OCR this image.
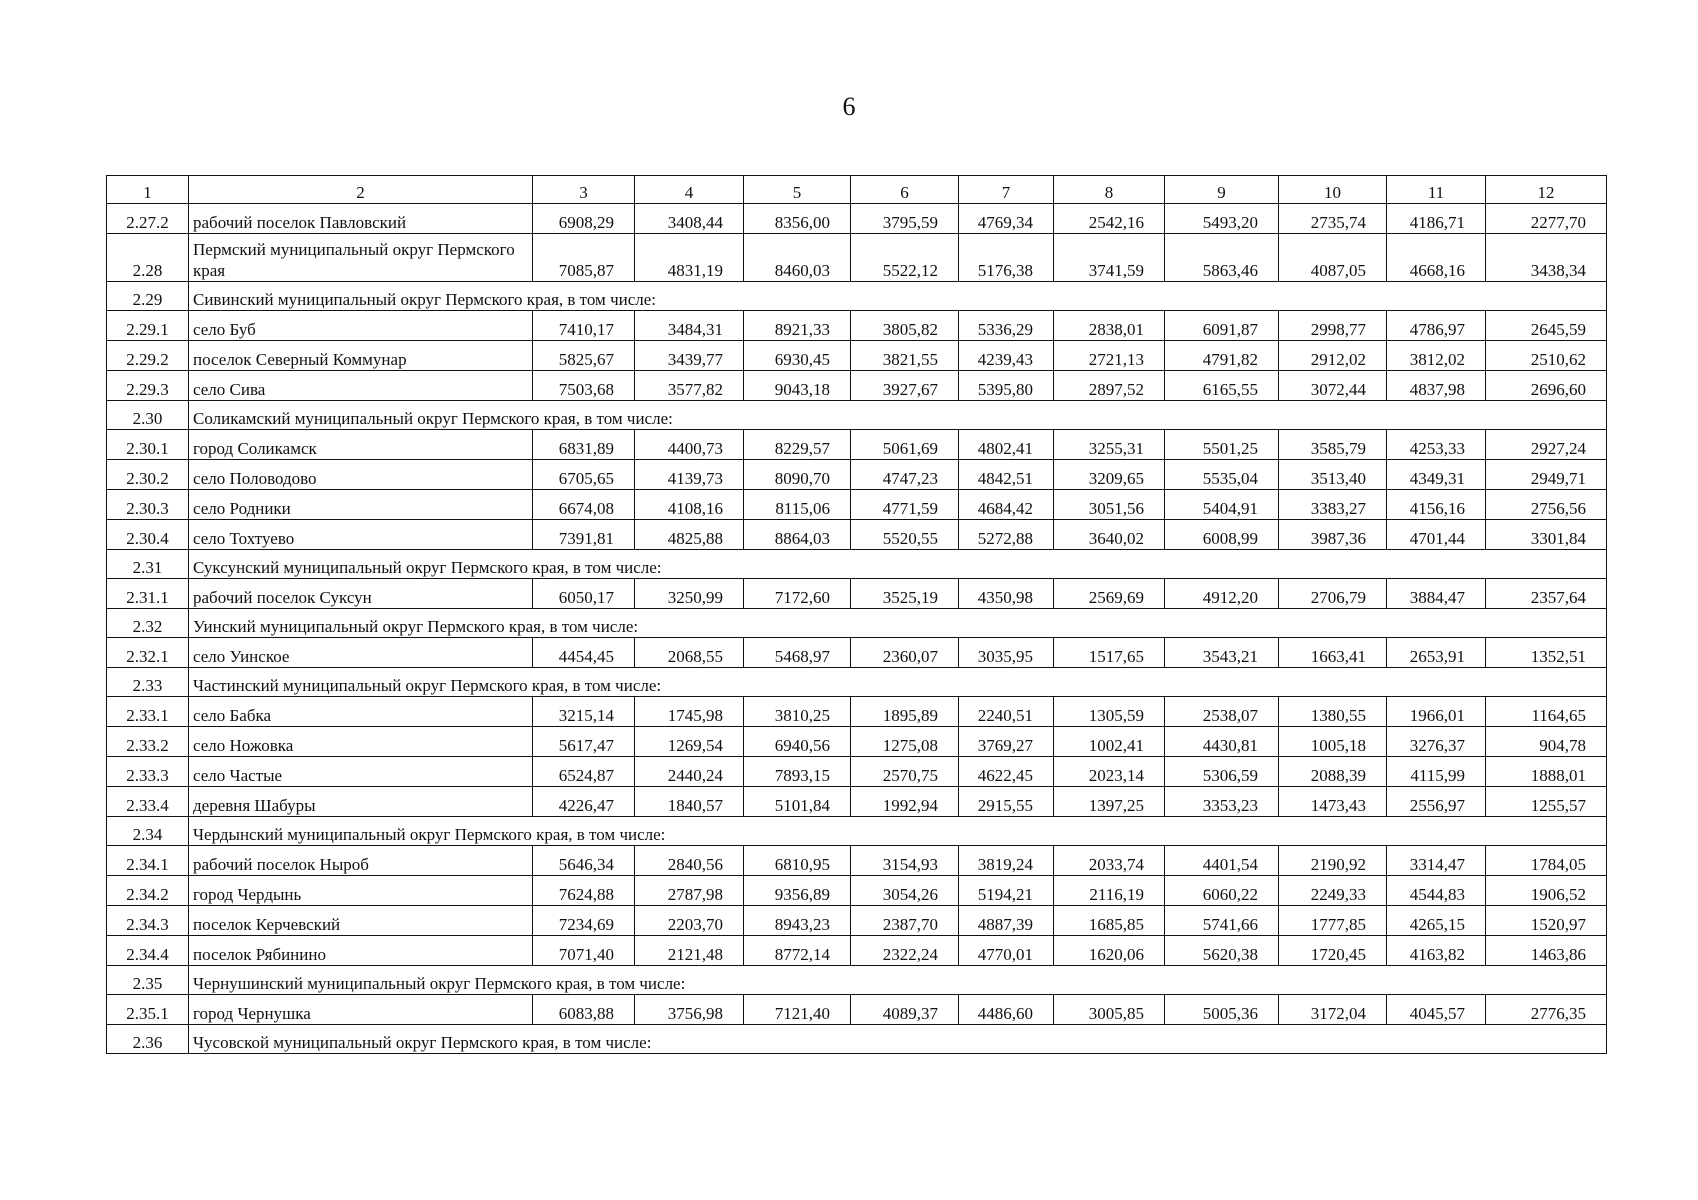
6
1	2	3	4	5	6	7	8	9	10	11	12
2.27.2	рабочий поселок Павловский	6908,29	3408,44	8356,00	3795,59	4769,34	2542,16	5493,20	2735,74	4186,71	2277,70
2.28	Пермский муниципальный округ Пермского края	7085,87	4831,19	8460,03	5522,12	5176,38	3741,59	5863,46	4087,05	4668,16	3438,34
2.29	Сивинский муниципальный округ Пермского края, в том числе:										
2.29.1	село Буб	7410,17	3484,31	8921,33	3805,82	5336,29	2838,01	6091,87	2998,77	4786,97	2645,59
2.29.2	поселок Северный Коммунар	5825,67	3439,77	6930,45	3821,55	4239,43	2721,13	4791,82	2912,02	3812,02	2510,62
2.29.3	село Сива	7503,68	3577,82	9043,18	3927,67	5395,80	2897,52	6165,55	3072,44	4837,98	2696,60
2.30	Соликамский муниципальный округ Пермского края, в том числе:										
2.30.1	город Соликамск	6831,89	4400,73	8229,57	5061,69	4802,41	3255,31	5501,25	3585,79	4253,33	2927,24
2.30.2	село Половодово	6705,65	4139,73	8090,70	4747,23	4842,51	3209,65	5535,04	3513,40	4349,31	2949,71
2.30.3	село Родники	6674,08	4108,16	8115,06	4771,59	4684,42	3051,56	5404,91	3383,27	4156,16	2756,56
2.30.4	село Тохтуево	7391,81	4825,88	8864,03	5520,55	5272,88	3640,02	6008,99	3987,36	4701,44	3301,84
2.31	Суксунский муниципальный округ Пермского края, в том числе:										
2.31.1	рабочий поселок Суксун	6050,17	3250,99	7172,60	3525,19	4350,98	2569,69	4912,20	2706,79	3884,47	2357,64
2.32	Уинский муниципальный округ Пермского края, в том числе:										
2.32.1	село Уинское	4454,45	2068,55	5468,97	2360,07	3035,95	1517,65	3543,21	1663,41	2653,91	1352,51
2.33	Частинский муниципальный округ Пермского края, в том числе:										
2.33.1	село Бабка	3215,14	1745,98	3810,25	1895,89	2240,51	1305,59	2538,07	1380,55	1966,01	1164,65
2.33.2	село Ножовка	5617,47	1269,54	6940,56	1275,08	3769,27	1002,41	4430,81	1005,18	3276,37	904,78
2.33.3	село Частые	6524,87	2440,24	7893,15	2570,75	4622,45	2023,14	5306,59	2088,39	4115,99	1888,01
2.33.4	деревня Шабуры	4226,47	1840,57	5101,84	1992,94	2915,55	1397,25	3353,23	1473,43	2556,97	1255,57
2.34	Чердынский муниципальный округ Пермского края, в том числе:										
2.34.1	рабочий поселок Ныроб	5646,34	2840,56	6810,95	3154,93	3819,24	2033,74	4401,54	2190,92	3314,47	1784,05
2.34.2	город Чердынь	7624,88	2787,98	9356,89	3054,26	5194,21	2116,19	6060,22	2249,33	4544,83	1906,52
2.34.3	поселок Керчевский	7234,69	2203,70	8943,23	2387,70	4887,39	1685,85	5741,66	1777,85	4265,15	1520,97
2.34.4	поселок Рябинино	7071,40	2121,48	8772,14	2322,24	4770,01	1620,06	5620,38	1720,45	4163,82	1463,86
2.35	Чернушинский муниципальный округ Пермского края, в том числе:										
2.35.1	город Чернушка	6083,88	3756,98	7121,40	4089,37	4486,60	3005,85	5005,36	3172,04	4045,57	2776,35
2.36	Чусовской муниципальный округ Пермского края, в том числе:										
